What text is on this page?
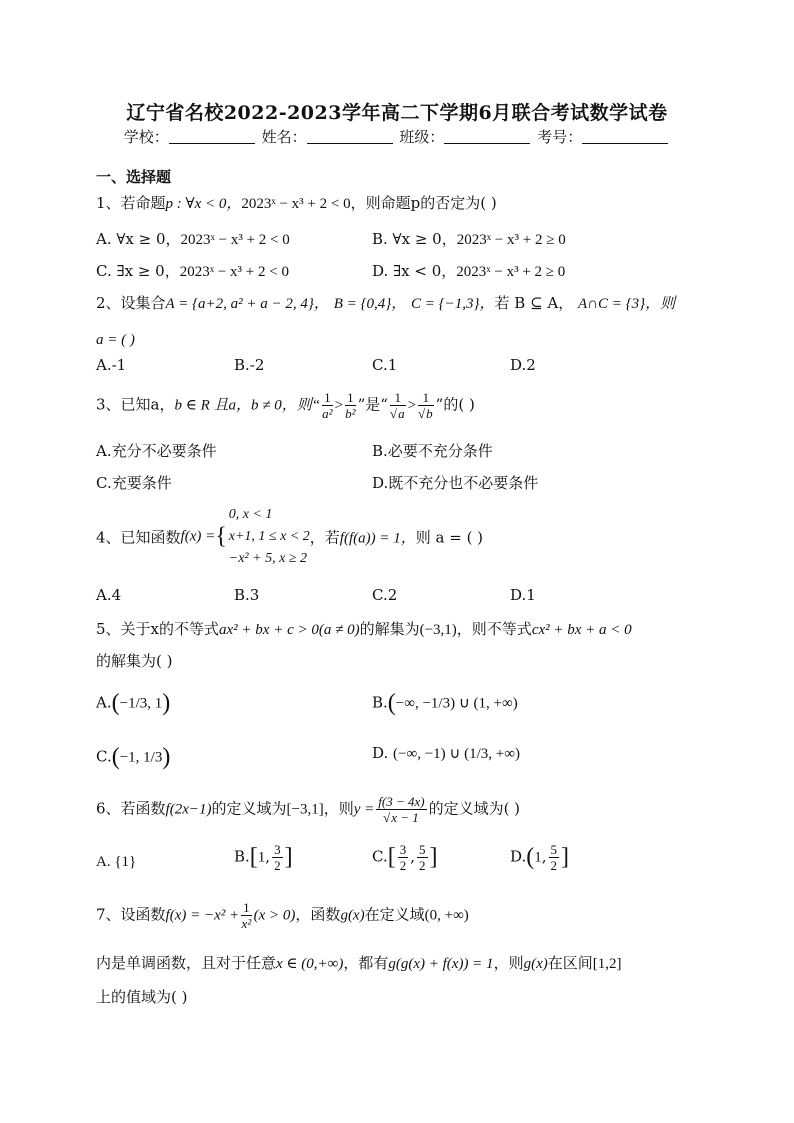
辽宁省名校2022-2023学年高二下学期6月联合考试数学试卷
学校：	姓名：	班级：	考号：
一、选择题
1、若命题p : ∀x < 0，2023ˣ − x³ + 2 < 0，则命题p的否定为( )
A. ∀x ≥ 0，2023ˣ − x³ + 2 < 0	B. ∀x ≥ 0，2023ˣ − x³ + 2 ≥ 0
C. ∃x ≥ 0，2023ˣ − x³ + 2 < 0	D. ∃x < 0，2023ˣ − x³ + 2 ≥ 0
2、设集合A = {a+2, a² + a − 2, 4}， B = {0,4}， C = {−1,3}，若 B ⊆ A， A∩C = {3}，则
a = ( )
A.-1	B.-2	C.1	D.2
3、已知a，b ∈ R 且a，b ≠ 0，则“ $\frac{1}{\text{a²}} > \frac{1}{\text{b²}}$ ”是“ $\frac{1}{√a} > \frac{1}{√b}$ ”的( )
A.充分不必要条件	B.必要不充分条件
C.充要条件	D.既不充分也不必要条件
4、已知函数f(x) ={
0, x < 1
x+1, 1 ≤ x < 2
−x² + 5, x ≥ 2
，若f(f(a)) = 1，则 a = ( )
A.4	B.3	C.2	D.1
5、关于x的不等式ax² + bx + c > 0(a ≠ 0)的解集为(−3,1)，则不等式cx² + bx + a < 0
的解集为( )
A.(−1/3, 1)	B.(−∞, −1/3) ∪ (1, +∞)
C.(−1, 1/3)	D. (−∞, −1) ∪ (1/3, +∞)
6、若函数f(2x−1)的定义域为[−3,1]，则$y = \frac{f(3 - 4x)}{√x - 1}$ 的定义域为( )
A. {1}	B.[1, $\frac{3}{2}$ ]	$C.[ \frac{3}{2}$ , $\frac{5}{2}$ ]	D.(1, $\frac{5}{2}$ ]
7、设函数$f(x) = -x^2 + \frac{1}{\text{x²}} (x > 0)$，函数g(x)在定义域(0, +∞)
内是单调函数，且对于任意x ∈ (0,+∞)，都有g(g(x) + f(x)) = 1，则g(x)在区间[1,2]
上的值域为( )
